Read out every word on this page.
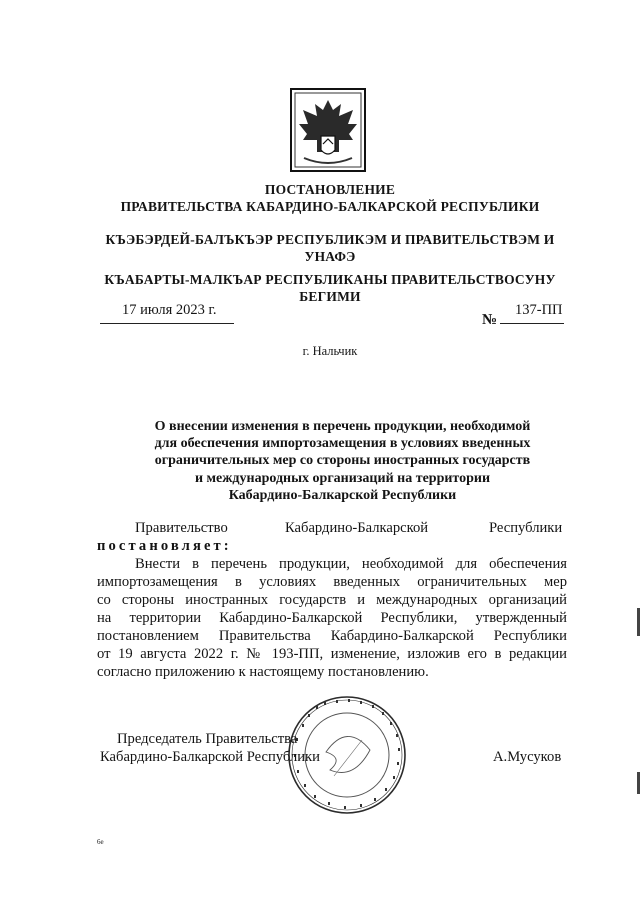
ПОСТАНОВЛЕНИЕ
ПРАВИТЕЛЬСТВА КАБАРДИНО-БАЛКАРСКОЙ РЕСПУБЛИКИ
КЪЭБЭРДЕЙ-БАЛЪКЪЭР РЕСПУБЛИКЭМ И ПРАВИТЕЛЬСТВЭМ И
УНАФЭ
КЪАБАРТЫ-МАЛКЪАР РЕСПУБЛИКАНЫ ПРАВИТЕЛЬСТВОСУНУ
БЕГИМИ
17 июля 2023 г.
№
137-ПП
г. Нальчик
О внесении изменения в перечень продукции, необходимой
для обеспечения импортозамещения в условиях введенных
ограничительных мер со стороны иностранных государств
и международных организаций на территории
Кабардино-Балкарской Республики
Правительство	Кабардино-Балкарской	Республики
постановляет:
Внести в перечень продукции, необходимой для обеспечения
импортозамещения в условиях введенных ограничительных мер
со стороны иностранных государств и международных организаций
на территории Кабардино-Балкарской Республики, утвержденный
постановлением Правительства Кабардино-Балкарской Республики
от 19 августа 2022 г. № 193-ПП, изменение, изложив его в редакции
согласно приложению к настоящему постановлению.
Председатель Правительства
Кабардино-Балкарской Республики	А.Мусуков
6e
